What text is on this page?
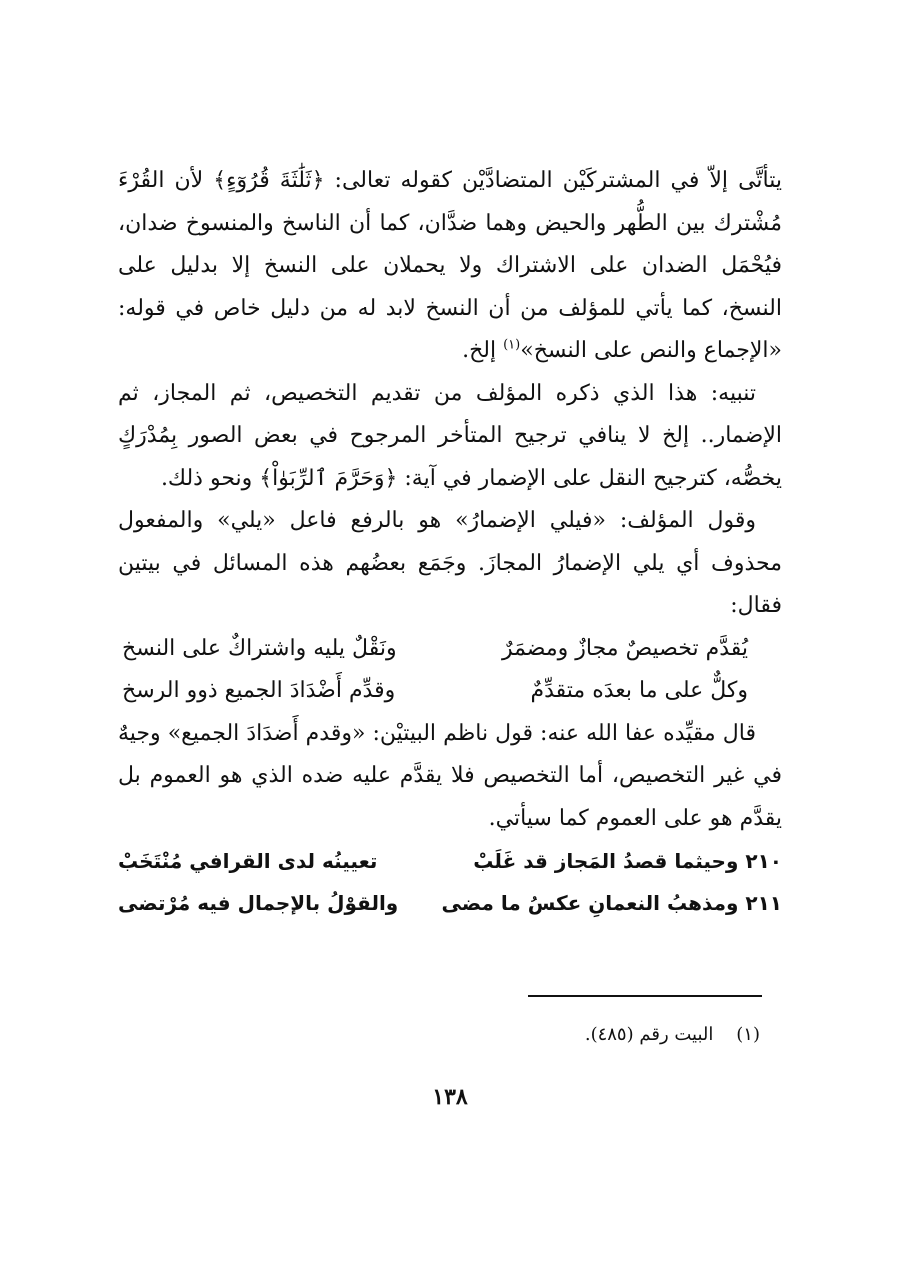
يتأتَّى إلاّ في المشتركَيْن المتضادَّيْن كقوله تعالى: ﴿ثَلَٰثَةَ قُرُوٓءٍ﴾ لأن القُرْءَ مُشْترك بين الطُّهر والحيض وهما ضدَّان، كما أن الناسخ والمنسوخ ضدان، فيُحْمَل الضدان على الاشتراك ولا يحملان على النسخ إلا بدليل على النسخ، كما يأتي للمؤلف من أن النسخ لابد له من دليل خاص في قوله: «الإجماع والنص على النسخ»$^{(١)}$ إلخ.

تنبيه: هذا الذي ذكره المؤلف من تقديم التخصيص، ثم المجاز، ثم الإضمار.. إلخ لا ينافي ترجيح المتأخر المرجوح في بعض الصور بِمُدْرَكٍ يخصُّه، كترجيح النقل على الإضمار في آية: ﴿وَحَرَّمَ ٱلرِّبَوٰاْ﴾ ونحو ذلك.

وقول المؤلف: «فيلي الإضمارُ» هو بالرفع فاعل «يلي» والمفعول محذوف أي يلي الإضمارُ المجازَ. وجَمَع بعضُهم هذه المسائل في بيتين فقال:

يُقدَّم تخصيصٌ مجازٌ ومضمَرٌ
ونَقْلٌ يليه واشتراكٌ على النسخ
وكلٌّ على ما بعدَه متقدِّمٌ
وقدِّم أَضْدَادَ الجميع ذوو الرسخ

قال مقيِّده عفا الله عنه: قول ناظم البيتيْن: «وقدم أَضدَادَ الجميع» وجيهٌ في غير التخصيص، أما التخصيص فلا يقدَّم عليه ضده الذي هو العموم بل يقدَّم هو على العموم كما سيأتي.

٢١٠ وحيثما قصدُ المَجاز قد غَلَبْ
تعيينُه لدى القرافي مُنْتَخَبْ
٢١١ ومذهبُ النعمانِ عكسُ ما مضى
والقوْلُ بالإجمال فيه مُرْتضى
(١)    البيت رقم (٤٨٥).
١٣٨
